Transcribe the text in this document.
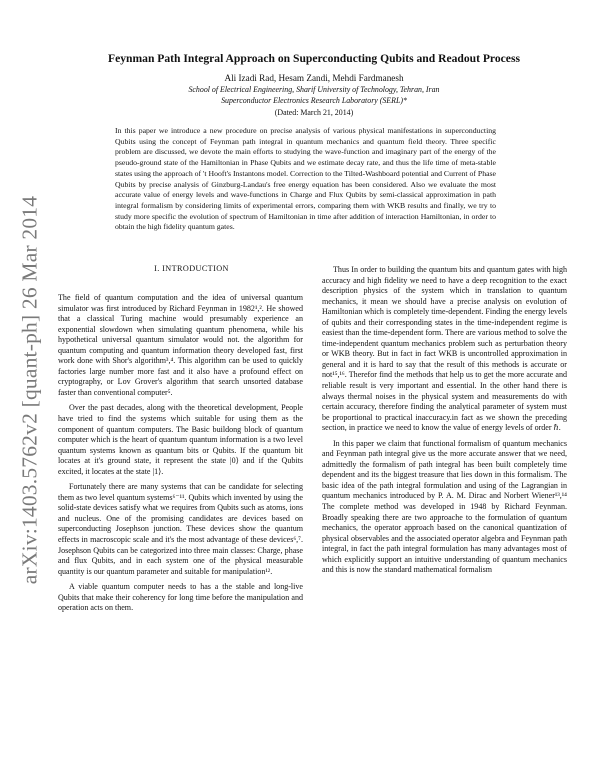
arXiv:1403.5762v2 [quant-ph] 26 Mar 2014
Feynman Path Integral Approach on Superconducting Qubits and Readout Process
Ali Izadi Rad, Hesam Zandi, Mehdi Fardmanesh
School of Electrical Engineering, Sharif University of Technology, Tehran, Iran
Superconductor Electronics Research Laboratory (SERL)*
(Dated: March 21, 2014)

In this paper we introduce a new procedure on precise analysis of various physical manifestations in superconducting Qubits using the concept of Feynman path integral in quantum mechanics and quantum field theory. Three specific problem are discussed, we devote the main efforts to studying the wave-function and imaginary part of the energy of the pseudo-ground state of the Hamiltonian in Phase Qubits and we estimate decay rate, and thus the life time of meta-stable states using the approach of 't Hooft's Instantons model. Correction to the Tilted-Washboard potential and Current of Phase Qubits by precise analysis of Ginzburg-Landau's free energy equation has been considered. Also we evaluate the most accurate value of energy levels and wave-functions in Charge and Flux Qubits by semi-classical approximation in path integral formalism by considering limits of experimental errors, comparing them with WKB results and finally, we try to study more specific the evolution of spectrum of Hamiltonian in time after addition of interaction Hamiltonian, in order to obtain the high fidelity quantum gates.

I. INTRODUCTION

The field of quantum computation and the idea of universal quantum simulator was first introduced by Richard Feynman in 1982¹,². He showed that a classical Turing machine would presumably experience an exponential slowdown when simulating quantum phenomena, while his hypothetical universal quantum simulator would not. the algorithm for quantum computing and quantum information theory developed fast, first work done with Shor's algorithm³,⁴. This algorithm can be used to quickly factories large number more fast and it also have a profound effect on cryptography, or Lov Grover's algorithm that search unsorted database faster than conventional computer⁵.

Over the past decades, along with the theoretical development, People have tried to find the systems which suitable for using them as the component of quantum computers. The Basic buildong block of quantum computer which is the heart of quantum quantum information is a two level quantum systems known as quantum bits or Qubits. If the quantum bit locates at it's ground state, it represent the state |0⟩ and if the Qubits excited, it locates at the state |1⟩.

Fortunately there are many systems that can be candidate for selecting them as two level quantum systems⁶⁻¹¹. Qubits which invented by using the solid-state devices satisfy what we requires from Qubits such as atoms, ions and nucleus. One of the promising candidates are devices based on superconducting Josephson junction. These devices show the quantum effects in macroscopic scale and it's the most advantage of these devices⁶,⁷. Josephson Qubits can be categorized into three main classes: Charge, phase and flux Qubits, and in each system one of the physical measurable quantity is our quantum parameter and suitable for manipulation¹².

A viable quantum computer needs to has a the stable and long-live Qubits that make their coherency for long time before the manipulation and operation acts on them.

Thus In order to building the quantum bits and quantum gates with high accuracy and high fidelity we need to have a deep recognition to the exact description physics of the system which in translation to quantum mechanics, it mean we should have a precise analysis on evolution of Hamiltonian which is completely time-dependent. Finding the energy levels of qubits and their corresponding states in the time-independent regime is easiest than the time-dependent form. There are various method to solve the time-independent quantum mechanics problem such as perturbation theory or WKB theory. But in fact in fact WKB is uncontrolled approximation in general and it is hard to say that the result of this methods is accurate or not¹⁵,¹⁶. Therefor find the methods that help us to get the more accurate and reliable result is very important and essential. In the other hand there is always thermal noises in the physical system and measurements do with certain accuracy, therefore finding the analytical parameter of system must be proportional to practical inaccuracy.in fact as we shown the preceding section, in practice we need to know the value of energy levels of order ℏ.

In this paper we claim that functional formalism of quantum mechanics and Feynman path integral give us the more accurate answer that we need, admittedly the formalism of path integral has been built completely time dependent and its the biggest treasure that lies down in this formalism. The basic idea of the path integral formulation and using of the Lagrangian in quantum mechanics introduced by P. A. M. Dirac and Norbert Wiener¹³,¹⁴ The complete method was developed in 1948 by Richard Feynman. Broadly speaking there are two approache to the formulation of quantum mechanics, the operator approach based on the canonical quantization of physical observables and the associated operator algebra and Feynman path integral, in fact the path integral formulation has many advantages most of which explicitly support an intuitive understanding of quantum mechanics and this is now the standard mathematical formalism
